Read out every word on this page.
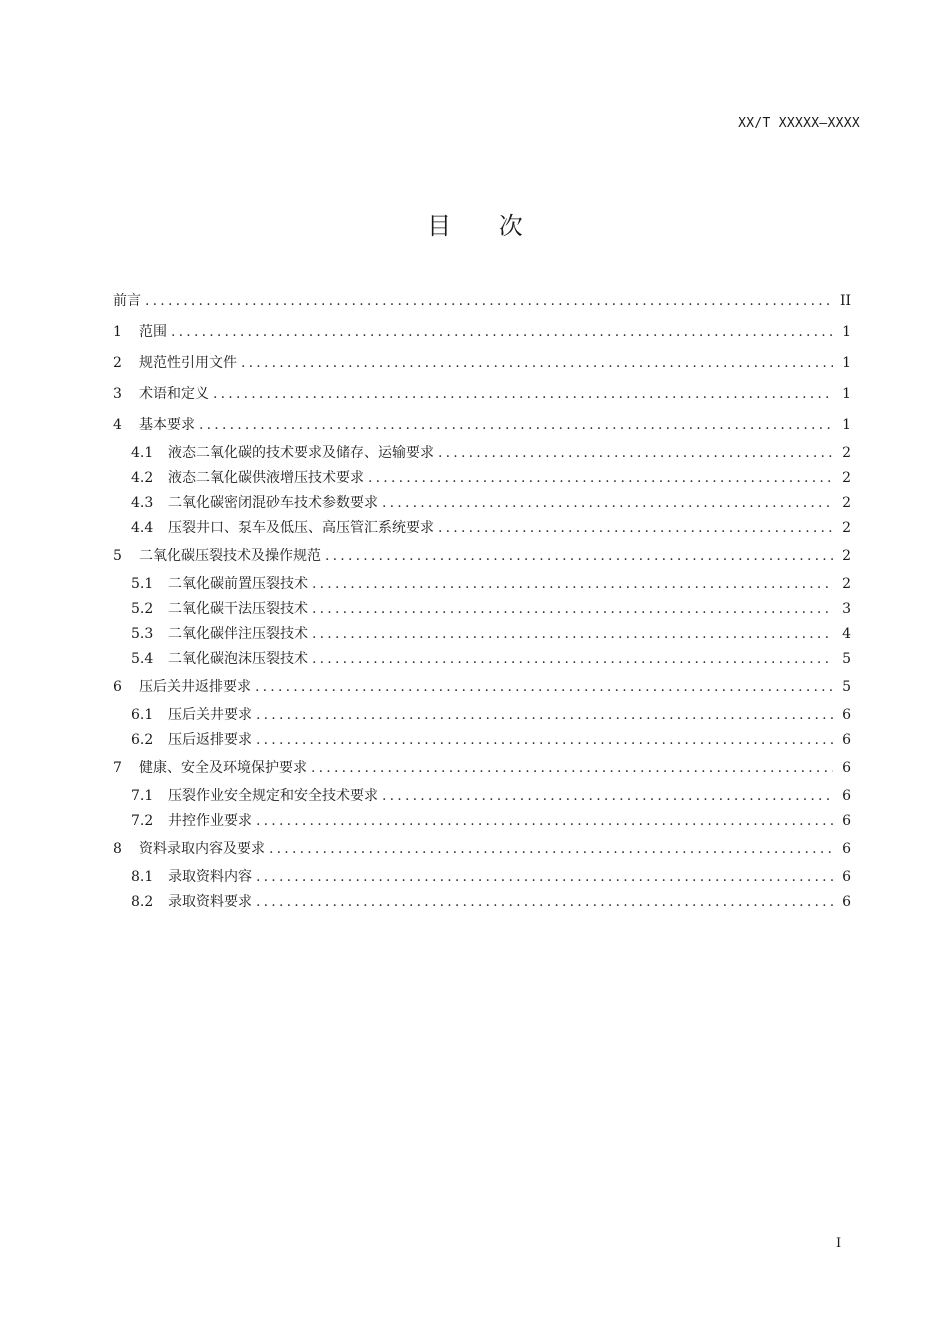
XX/T XXXXX—XXXX
目 次
前言 .....	II
1	范围 .....	1
2	规范性引用文件 .....	1
3	术语和定义 .....	1
4	基本要求 .....	1
4.1	液态二氧化碳的技术要求及储存、运输要求 .....	2
4.2	液态二氧化碳供液增压技术要求 .....	2
4.3	二氧化碳密闭混砂车技术参数要求 .....	2
4.4	压裂井口、泵车及低压、高压管汇系统要求 .....	2
5	二氧化碳压裂技术及操作规范 .....	2
5.1	二氧化碳前置压裂技术 .....	2
5.2	二氧化碳干法压裂技术 .....	3
5.3	二氧化碳伴注压裂技术 .....	4
5.4	二氧化碳泡沫压裂技术 .....	5
6	压后关井返排要求 .....	5
6.1	压后关井要求 .....	6
6.2	压后返排要求 .....	6
7	健康、安全及环境保护要求 .....	6
7.1	压裂作业安全规定和安全技术要求 .....	6
7.2	井控作业要求 .....	6
8	资料录取内容及要求 .....	6
8.1	录取资料内容 .....	6
8.2	录取资料要求 .....	6
I
